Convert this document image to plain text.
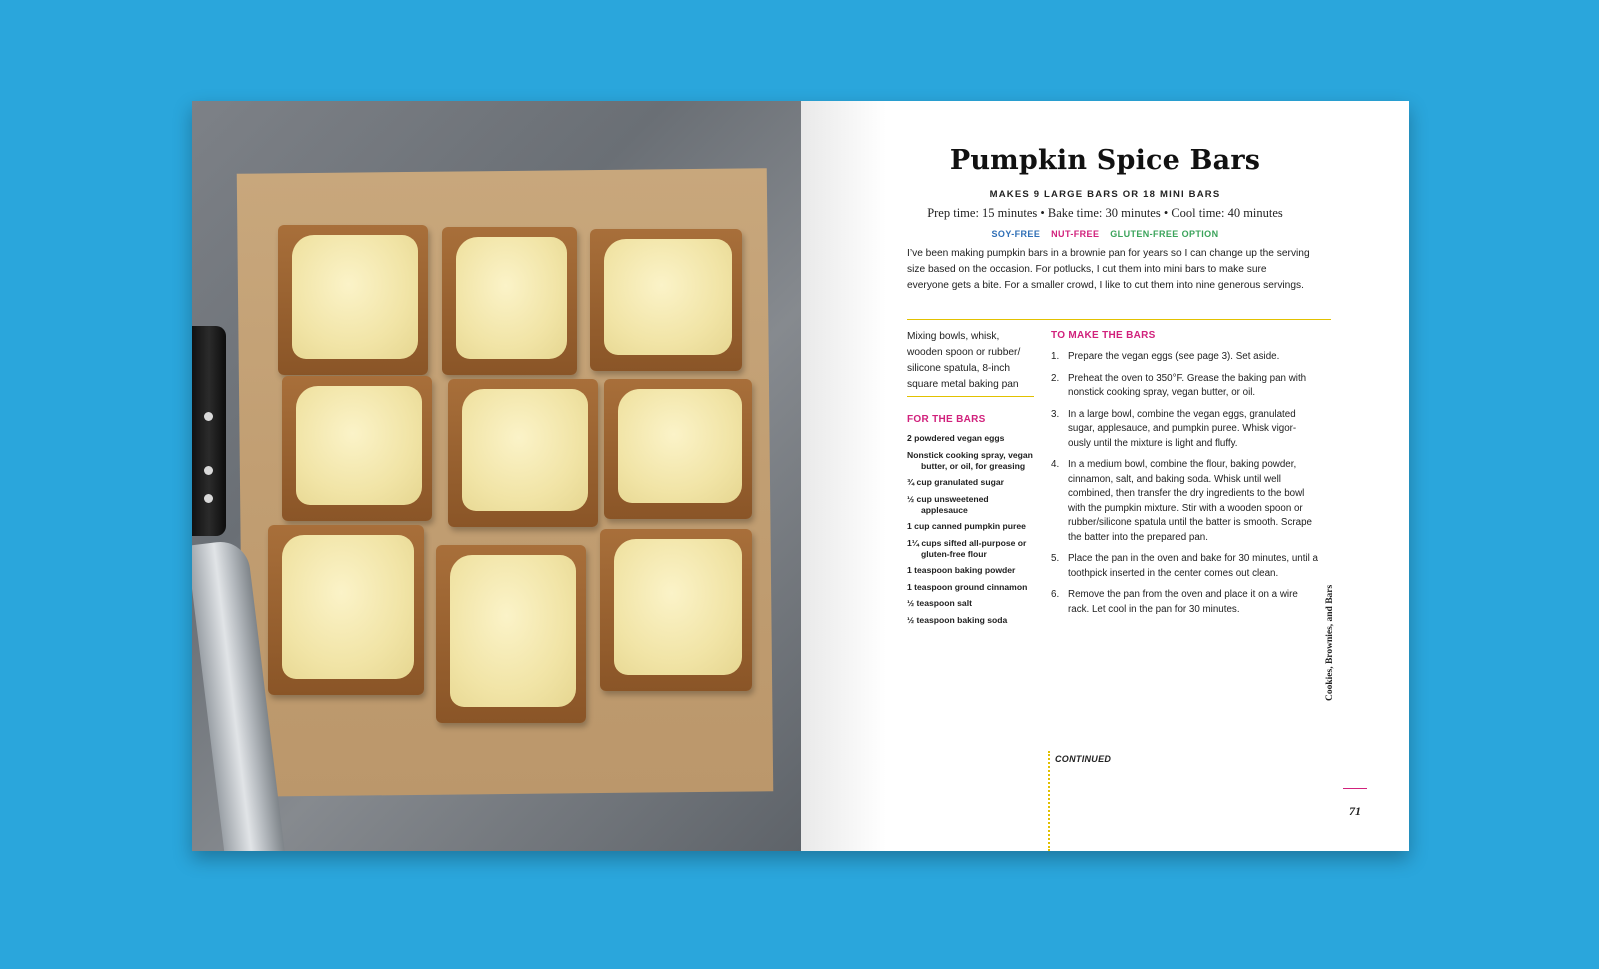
Pumpkin Spice Bars
MAKES 9 LARGE BARS OR 18 MINI BARS
Prep time: 15 minutes • Bake time: 30 minutes • Cool time: 40 minutes
SOY-FREE NUT-FREE GLUTEN-FREE OPTION
I’ve been making pumpkin bars in a brownie pan for years so I can change up the serving size based on the occasion. For potlucks, I cut them into mini bars to make sure everyone gets a bite. For a smaller crowd, I like to cut them into nine generous servings.
Mixing bowls, whisk, wooden spoon or rubber/ silicone spatula, 8-inch square metal baking pan
FOR THE BARS
2 powdered vegan eggs
Nonstick cooking spray, vegan butter, or oil, for greasing
¾ cup granulated sugar
½ cup unsweetened applesauce
1 cup canned pumpkin puree
1¼ cups sifted all-purpose or gluten-free flour
1 teaspoon baking powder
1 teaspoon ground cinnamon
½ teaspoon salt
½ teaspoon baking soda
TO MAKE THE BARS
1. Prepare the vegan eggs (see page 3). Set aside.
2. Preheat the oven to 350°F. Grease the baking pan with nonstick cooking spray, vegan butter, or oil.
3. In a large bowl, combine the vegan eggs, granulated sugar, applesauce, and pumpkin puree. Whisk vigor-ously until the mixture is light and fluffy.
4. In a medium bowl, combine the flour, baking powder, cinnamon, salt, and baking soda. Whisk until well combined, then transfer the dry ingredients to the bowl with the pumpkin mixture. Stir with a wooden spoon or rubber/silicone spatula until the batter is smooth. Scrape the batter into the prepared pan.
5. Place the pan in the oven and bake for 30 minutes, until a toothpick inserted in the center comes out clean.
6. Remove the pan from the oven and place it on a wire rack. Let cool in the pan for 30 minutes.
CONTINUED
Cookies, Brownies, and Bars
71
